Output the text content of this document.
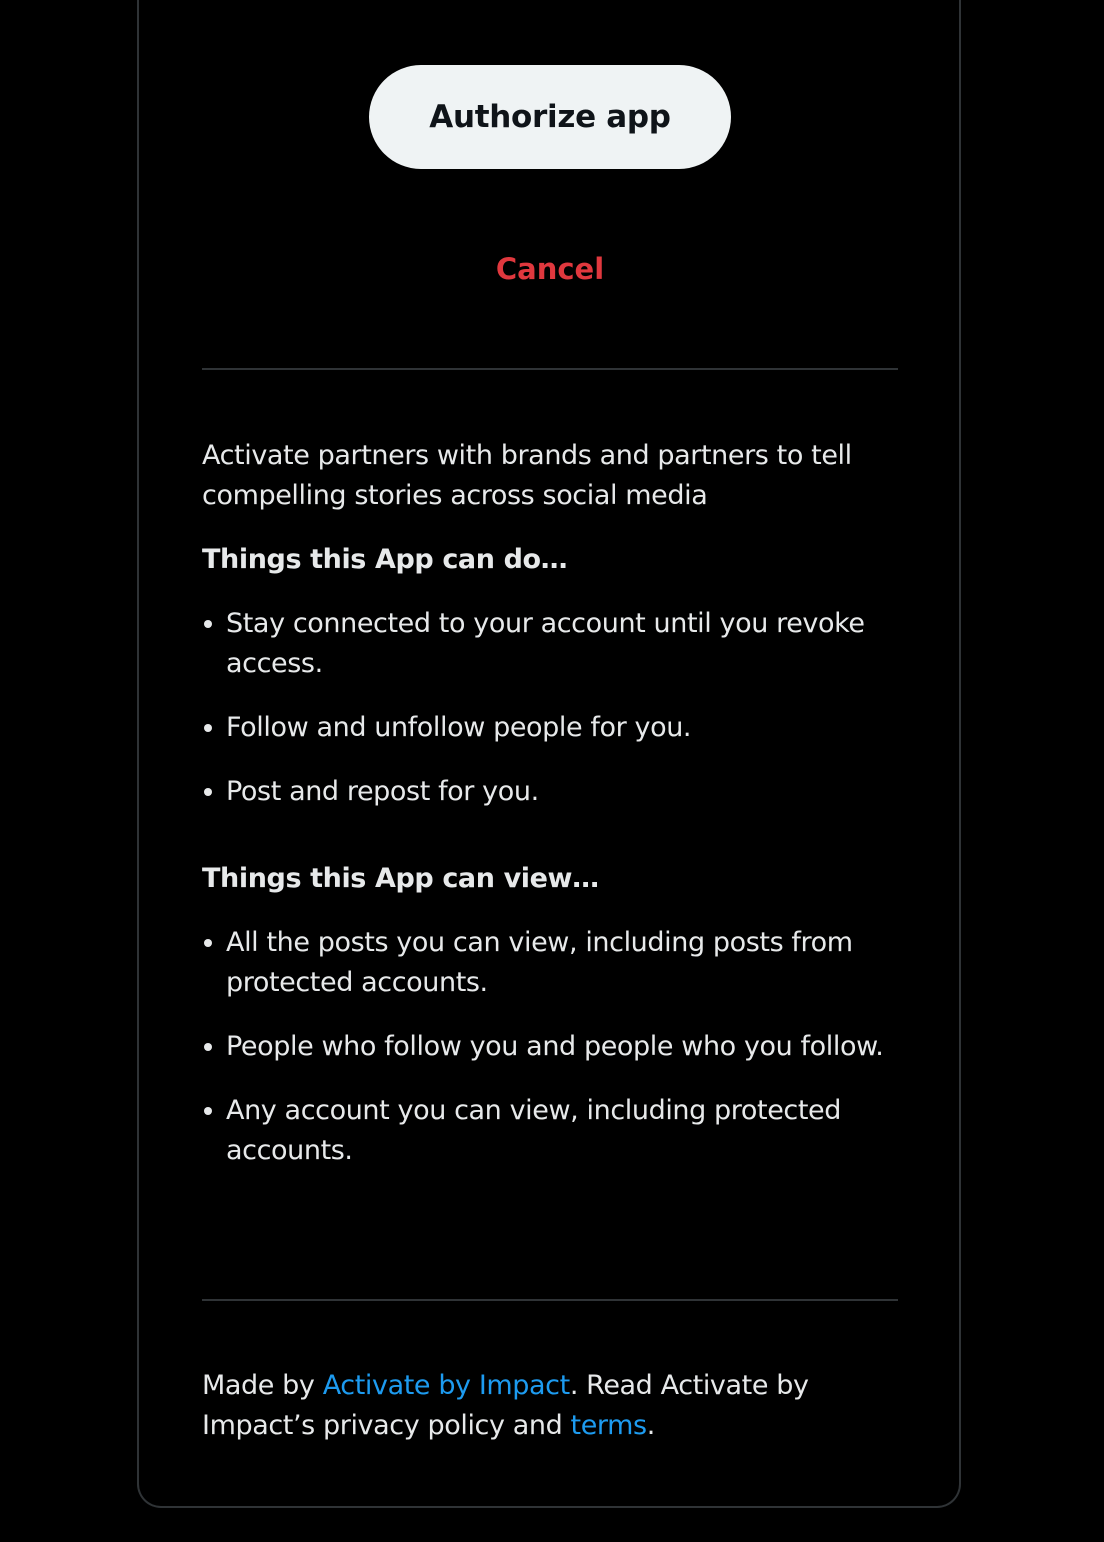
Authorize app
Cancel

Activate partners with brands and partners to tell compelling stories across social media

Things this App can do…
Stay connected to your account until you revoke access.
Follow and unfollow people for you.
Post and repost for you.
Things this App can view…
All the posts you can view, including posts from protected accounts.
People who follow you and people who you follow.
Any account you can view, including protected accounts.
Made by Activate by Impact. Read Activate by Impact’s privacy policy and terms.
